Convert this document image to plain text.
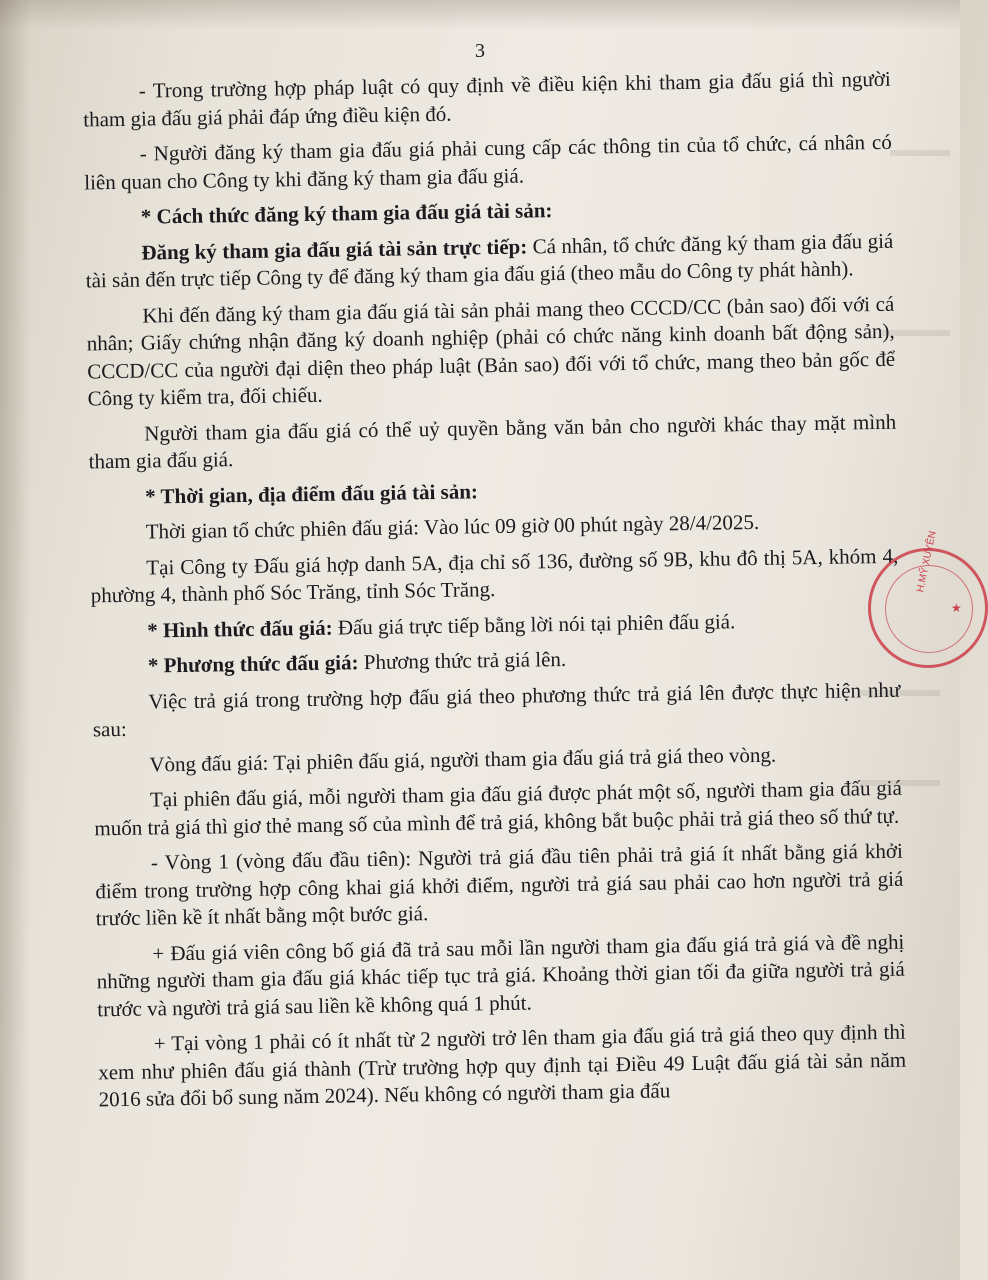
3

- Trong trường hợp pháp luật có quy định về điều kiện khi tham gia đấu giá thì người tham gia đấu giá phải đáp ứng điều kiện đó.

- Người đăng ký tham gia đấu giá phải cung cấp các thông tin của tổ chức, cá nhân có liên quan cho Công ty khi đăng ký tham gia đấu giá.

* Cách thức đăng ký tham gia đấu giá tài sản:

Đăng ký tham gia đấu giá tài sản trực tiếp: Cá nhân, tổ chức đăng ký tham gia đấu giá tài sản đến trực tiếp Công ty để đăng ký tham gia đấu giá (theo mẫu do Công ty phát hành).

Khi đến đăng ký tham gia đấu giá tài sản phải mang theo CCCD/CC (bản sao) đối với cá nhân; Giấy chứng nhận đăng ký doanh nghiệp (phải có chức năng kinh doanh bất động sản), CCCD/CC của người đại diện theo pháp luật (Bản sao) đối với tổ chức, mang theo bản gốc để Công ty kiểm tra, đối chiếu.

Người tham gia đấu giá có thể uỷ quyền bằng văn bản cho người khác thay mặt mình tham gia đấu giá.

* Thời gian, địa điểm đấu giá tài sản:

Thời gian tổ chức phiên đấu giá: Vào lúc 09 giờ 00 phút ngày 28/4/2025.

Tại Công ty Đấu giá hợp danh 5A, địa chỉ số 136, đường số 9B, khu đô thị 5A, khóm 4, phường 4, thành phố Sóc Trăng, tỉnh Sóc Trăng.

* Hình thức đấu giá: Đấu giá trực tiếp bằng lời nói tại phiên đấu giá.

* Phương thức đấu giá: Phương thức trả giá lên.

Việc trả giá trong trường hợp đấu giá theo phương thức trả giá lên được thực hiện như sau:

Vòng đấu giá: Tại phiên đấu giá, người tham gia đấu giá trả giá theo vòng.

Tại phiên đấu giá, mỗi người tham gia đấu giá được phát một số, người tham gia đấu giá muốn trả giá thì giơ thẻ mang số của mình để trả giá, không bắt buộc phải trả giá theo số thứ tự.

- Vòng 1 (vòng đấu đầu tiên): Người trả giá đầu tiên phải trả giá ít nhất bằng giá khởi điểm trong trường hợp công khai giá khởi điểm, người trả giá sau phải cao hơn người trả giá trước liền kề ít nhất bằng một bước giá.

+ Đấu giá viên công bố giá đã trả sau mỗi lần người tham gia đấu giá trả giá và đề nghị những người tham gia đấu giá khác tiếp tục trả giá. Khoảng thời gian tối đa giữa người trả giá trước và người trả giá sau liền kề không quá 1 phút.

+ Tại vòng 1 phải có ít nhất từ 2 người trở lên tham gia đấu giá trả giá theo quy định thì xem như phiên đấu giá thành (Trừ trường hợp quy định tại Điều 49 Luật đấu giá tài sản năm 2016 sửa đổi bổ sung năm 2024). Nếu không có người tham gia đấu

H.MỸ XUYÊN
★
